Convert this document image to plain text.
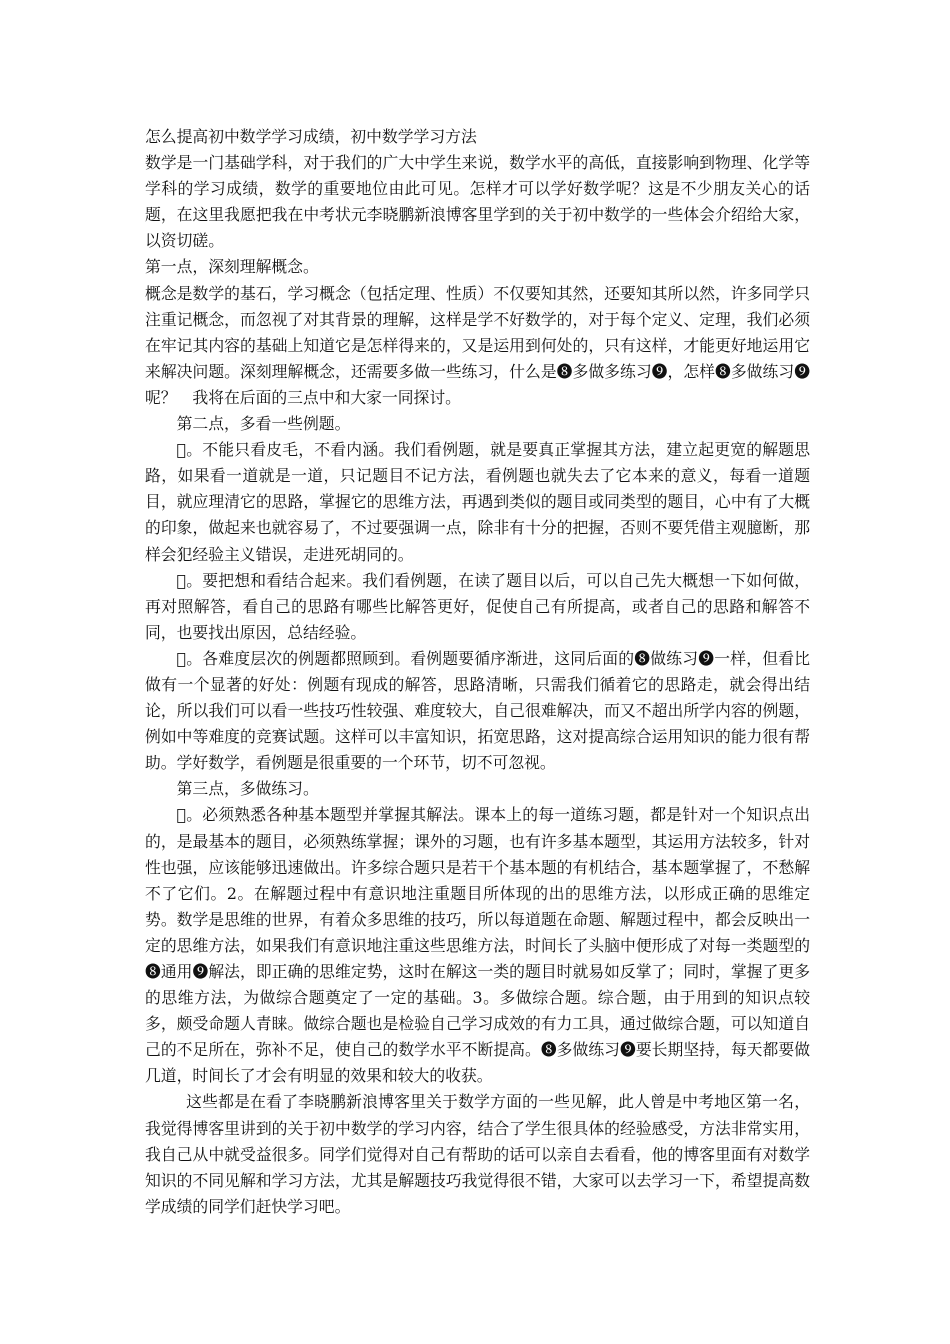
怎么提高初中数学学习成绩，初中数学学习方法

数学是一门基础学科，对于我们的广大中学生来说，数学水平的高低，直接影响到物理、化学等学科的学习成绩，数学的重要地位由此可见。怎样才可以学好数学呢？这是不少朋友关心的话题，在这里我愿把我在中考状元李晓鹏新浪博客里学到的关于初中数学的一些体会介绍给大家，以资切磋。

第一点，深刻理解概念。

概念是数学的基石，学习概念（包括定理、性质）不仅要知其然，还要知其所以然，许多同学只注重记概念，而忽视了对其背景的理解，这样是学不好数学的，对于每个定义、定理，我们必须在牢记其内容的基础上知道它是怎样得来的，又是运用到何处的，只有这样，才能更好地运用它来解决问题。深刻理解概念，还需要多做一些练习，什么是❽多做多练习❾，怎样❽多做练习❾呢？　我将在后面的三点中和大家一同探讨。

第二点，多看一些例题。

󰀀。不能只看皮毛，不看内涵。我们看例题，就是要真正掌握其方法，建立起更宽的解题思路，如果看一道就是一道，只记题目不记方法，看例题也就失去了它本来的意义，每看一道题目，就应理清它的思路，掌握它的思维方法，再遇到类似的题目或同类型的题目，心中有了大概的印象，做起来也就容易了，不过要强调一点，除非有十分的把握，否则不要凭借主观臆断，那样会犯经验主义错误，走进死胡同的。

󰀀。要把想和看结合起来。我们看例题，在读了题目以后，可以自己先大概想一下如何做，再对照解答，看自己的思路有哪些比解答更好，促使自己有所提高，或者自己的思路和解答不同，也要找出原因，总结经验。

󰀀。各难度层次的例题都照顾到。看例题要循序渐进，这同后面的❽做练习❾一样，但看比做有一个显著的好处：例题有现成的解答，思路清晰，只需我们循着它的思路走，就会得出结论，所以我们可以看一些技巧性较强、难度较大，自己很难解决，而又不超出所学内容的例题，例如中等难度的竞赛试题。这样可以丰富知识，拓宽思路，这对提高综合运用知识的能力很有帮助。学好数学，看例题是很重要的一个环节，切不可忽视。

第三点，多做练习。

󰀀。必须熟悉各种基本题型并掌握其解法。课本上的每一道练习题，都是针对一个知识点出的，是最基本的题目，必须熟练掌握；课外的习题，也有许多基本题型，其运用方法较多，针对性也强，应该能够迅速做出。许多综合题只是若干个基本题的有机结合，基本题掌握了，不愁解不了它们。2。在解题过程中有意识地注重题目所体现的出的思维方法，以形成正确的思维定势。数学是思维的世界，有着众多思维的技巧，所以每道题在命题、解题过程中，都会反映出一定的思维方法，如果我们有意识地注重这些思维方法，时间长了头脑中便形成了对每一类题型的❽通用❾解法，即正确的思维定势，这时在解这一类的题目时就易如反掌了；同时，掌握了更多的思维方法，为做综合题奠定了一定的基础。3。多做综合题。综合题，由于用到的知识点较多，颇受命题人青睐。做综合题也是检验自己学习成效的有力工具，通过做综合题，可以知道自己的不足所在，弥补不足，使自己的数学水平不断提高。❽多做练习❾要长期坚持，每天都要做几道，时间长了才会有明显的效果和较大的收获。

这些都是在看了李晓鹏新浪博客里关于数学方面的一些见解，此人曾是中考地区第一名，我觉得博客里讲到的关于初中数学的学习内容，结合了学生很具体的经验感受，方法非常实用，我自己从中就受益很多。同学们觉得对自己有帮助的话可以亲自去看看，他的博客里面有对数学知识的不同见解和学习方法，尤其是解题技巧我觉得很不错，大家可以去学习一下，希望提高数学成绩的同学们赶快学习吧。
